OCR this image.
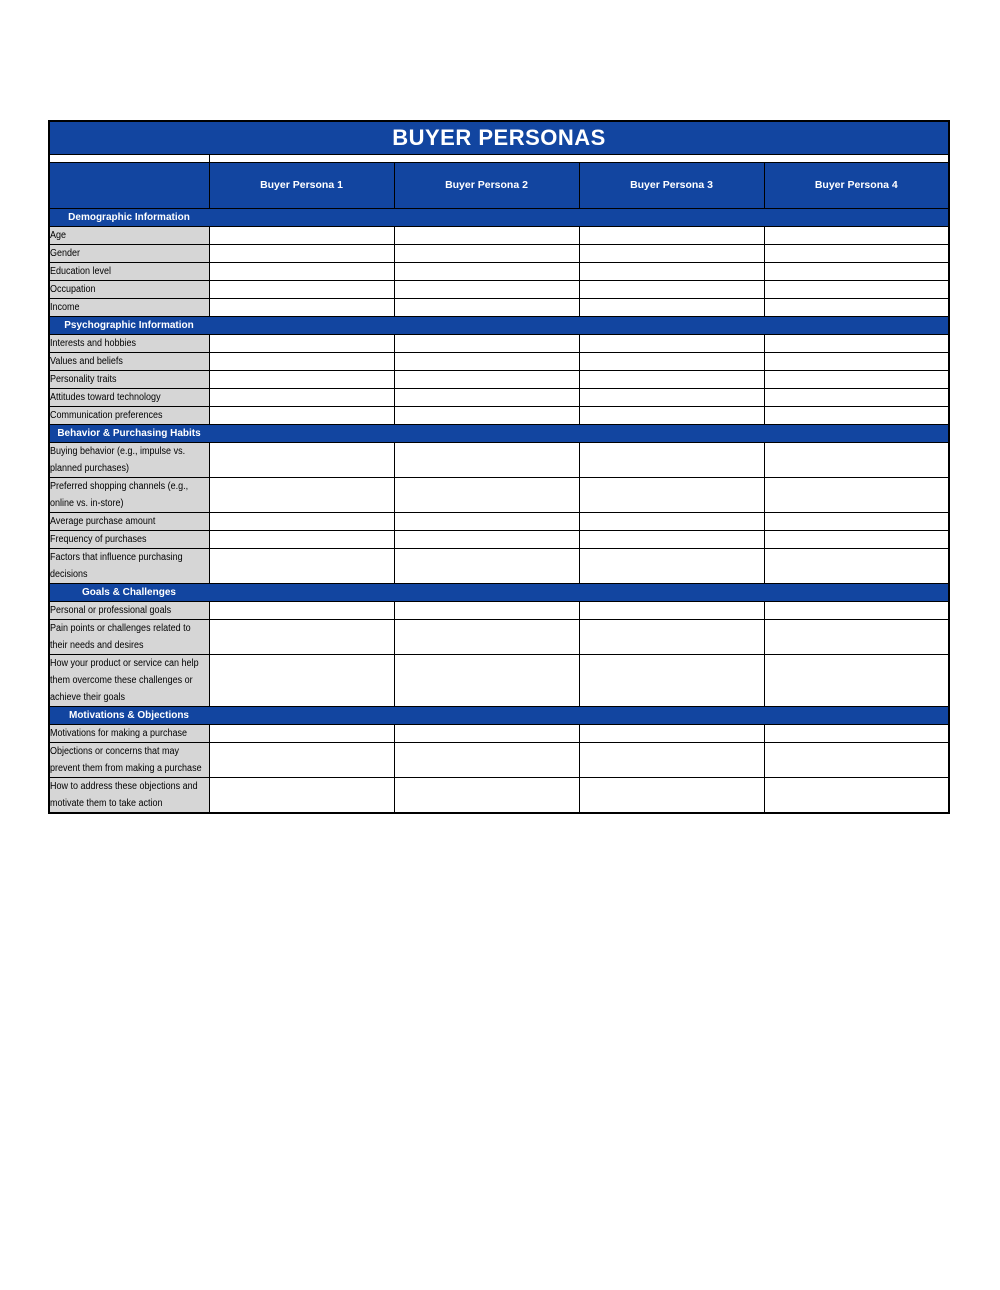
BUYER PERSONAS				

	Buyer Persona 1	Buyer Persona 2	Buyer Persona 3	Buyer Persona 4

Demographic Information				

Age				
Gender				
Education level				
Occupation				
Income				

Psychographic Information				

Interests and hobbies				
Values and beliefs				
Personality traits				
Attitudes toward technology				
Communication preferences				

Behavior & Purchasing Habits				

Buying behavior (e.g., impulse vs. planned purchases)				
Preferred shopping channels (e.g., online vs. in-store)				
Average purchase amount				
Frequency of purchases				
Factors that influence purchasing decisions				

Goals & Challenges				

Personal or professional goals				
Pain points or challenges related to their needs and desires				
How your product or service can help them overcome these challenges or achieve their goals				

Motivations & Objections				

Motivations for making a purchase				
Objections or concerns that may prevent them from making a purchase				
How to address these objections and motivate them to take action				
